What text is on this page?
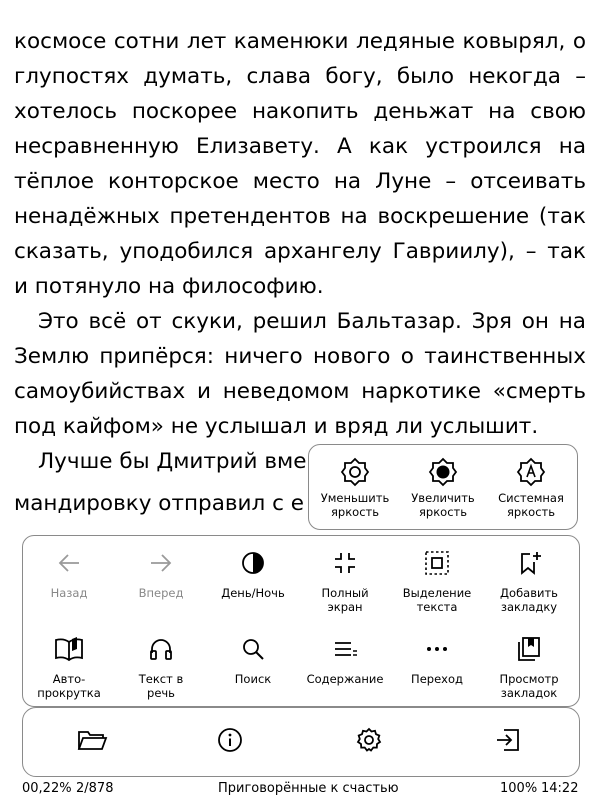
космосе сотни лет каменюки ледяные ковырял, о глупостях думать, слава богу, было некогда – хотелось поскорее накопить деньжат на свою несравненную Елизавету. А как устроился на тёплое конторское место на Луне – отсеивать ненадёжных претендентов на воскрешение (так сказать, уподобился архангелу Гавриилу), – так и потянуло на философию.

Это всё от скуки, решил Бальтазар. Зря он на Землю припёрся: ничего нового о таинственных самоубийствах и неведомом наркотике «смерть под кайфом» не услышал и вряд ли услышит.

Лучше бы Дмитрий вме

мандировку отправил с е	Уменьшить
яркость
Увеличить
яркость
Системная
яркость
Назад	Вперед	День/Ночь	Полный
экран
Выделение
текста
Добавить
закладку
Авто-
прокрутка
Текст в
речь
Поиск	Содержание	Переход	Просмотр
закладок
00,22% 2/878	Приговорённые к счастью	100% 14:22
